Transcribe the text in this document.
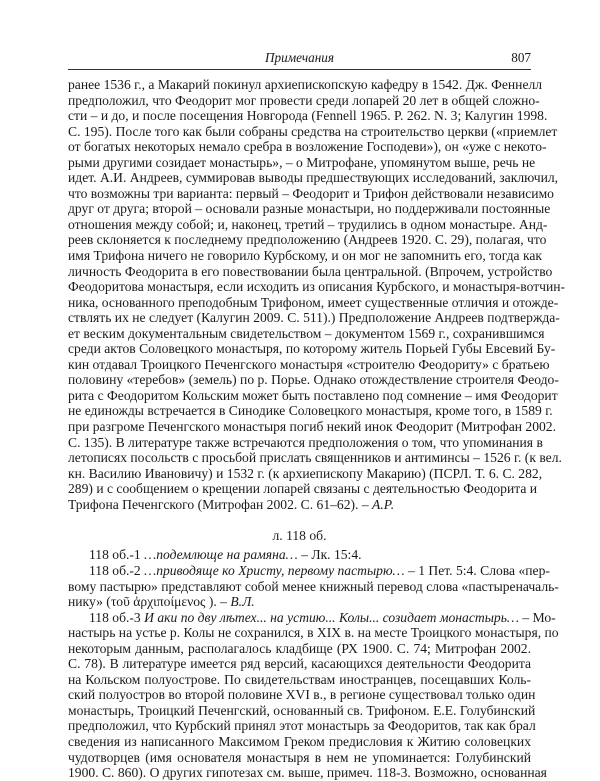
Примечания	807
ранее 1536 г., а Макарий покинул архиепископскую кафедру в 1542. Дж. Феннелл
предположил, что Феодорит мог провести среди лопарей 20 лет в общей сложно-
сти – и до, и после посещения Новгорода (Fennell 1965. P. 262. N. 3; Калугин 1998.
С. 195). После того как были собраны средства на строительство церкви («приемлет
от богатых некоторых немало сребра в возложение Господеви»), он «уже с некото-
рыми другими созидает монастырь», – о Митрофане, упомянутом выше, речь не
идет. А.И. Андреев, суммировав выводы предшествующих исследований, заключил,
что возможны три варианта: первый – Феодорит и Трифон действовали независимо
друг от друга; второй – основали разные монастыри, но поддерживали постоянные
отношения между собой; и, наконец, третий – трудились в одном монастыре. Анд-
реев склоняется к последнему предположению (Андреев 1920. С. 29), полагая, что
имя Трифона ничего не говорило Курбскому, и он мог не запомнить его, тогда как
личность Феодорита в его повествовании была центральной. (Впрочем, устройство
Феодоритова монастыря, если исходить из описания Курбского, и монастыря-вотчин-
ника, основанного преподобным Трифоном, имеет существенные отличия и отожде-
ствлять их не следует (Калугин 2009. С. 511).) Предположение Андреев подтвержда-
ет веским документальным свидетельством – документом 1569 г., сохранившимся
среди актов Соловецкого монастыря, по которому житель Порьей Губы Евсевий Бу-
кин отдавал Троицкого Печенгского монастыря «строителю Феодориту» с братьею
половину «теребов» (земель) по р. Порье. Однако отождествление строителя Феодо-
рита с Феодоритом Кольским может быть поставлено под сомнение – имя Феодорит
не единожды встречается в Синодике Соловецкого монастыря, кроме того, в 1589 г.
при разгроме Печенгского монастыря погиб некий инок Феодорит (Митрофан 2002.
С. 135). В литературе также встречаются предположения о том, что упоминания в
летописях посольств с просьбой прислать священников и антиминсы – 1526 г. (к вел.
кн. Василию Ивановичу) и 1532 г. (к архиепископу Макарию) (ПСРЛ. Т. 6. С. 282,
289) и с сообщением о крещении лопарей связаны с деятельностью Феодорита и
Трифона Печенгского (Митрофан 2002. С. 61–62). – А.Р.
л. 118 об.
118 об.-1 …подемлюще на рамяна… – Лк. 15:4.
118 об.-2 …приводяще ко Христу, первому пастырю… – 1 Пет. 5:4. Слова «пер-
вому пастырю» представляют собой менее книжный перевод слова «пастыреначаль-
нику» (τοῦ ἀρχιποίμενος ). – В.Л.
118 об.-3 И аки по дву лѣтех... на устию... Колы... созидает монастырь… – Мо-
настырь на устье р. Колы не сохранился, в XIX в. на месте Троицкого монастыря, по
некоторым данным, располагалось кладбище (РХ 1900. С. 74; Митрофан 2002.
С. 78). В литературе имеется ряд версий, касающихся деятельности Феодорита
на Кольском полуострове. По свидетельствам иностранцев, посещавших Коль-
ский полуостров во второй половине XVI в., в регионе существовал только один
монастырь, Троицкий Печенгский, основанный св. Трифоном. Е.Е. Голубинский
предположил, что Курбский принял этот монастырь за Феодоритов, так как брал
сведения из написанного Максимом Греком предисловия к Житию соловецких
чудотворцев (имя основателя монастыря в нем не упоминается: Голубинский
1900. С. 860). О других гипотезах см. выше, примеч. 118-3. Возможно, основанная
